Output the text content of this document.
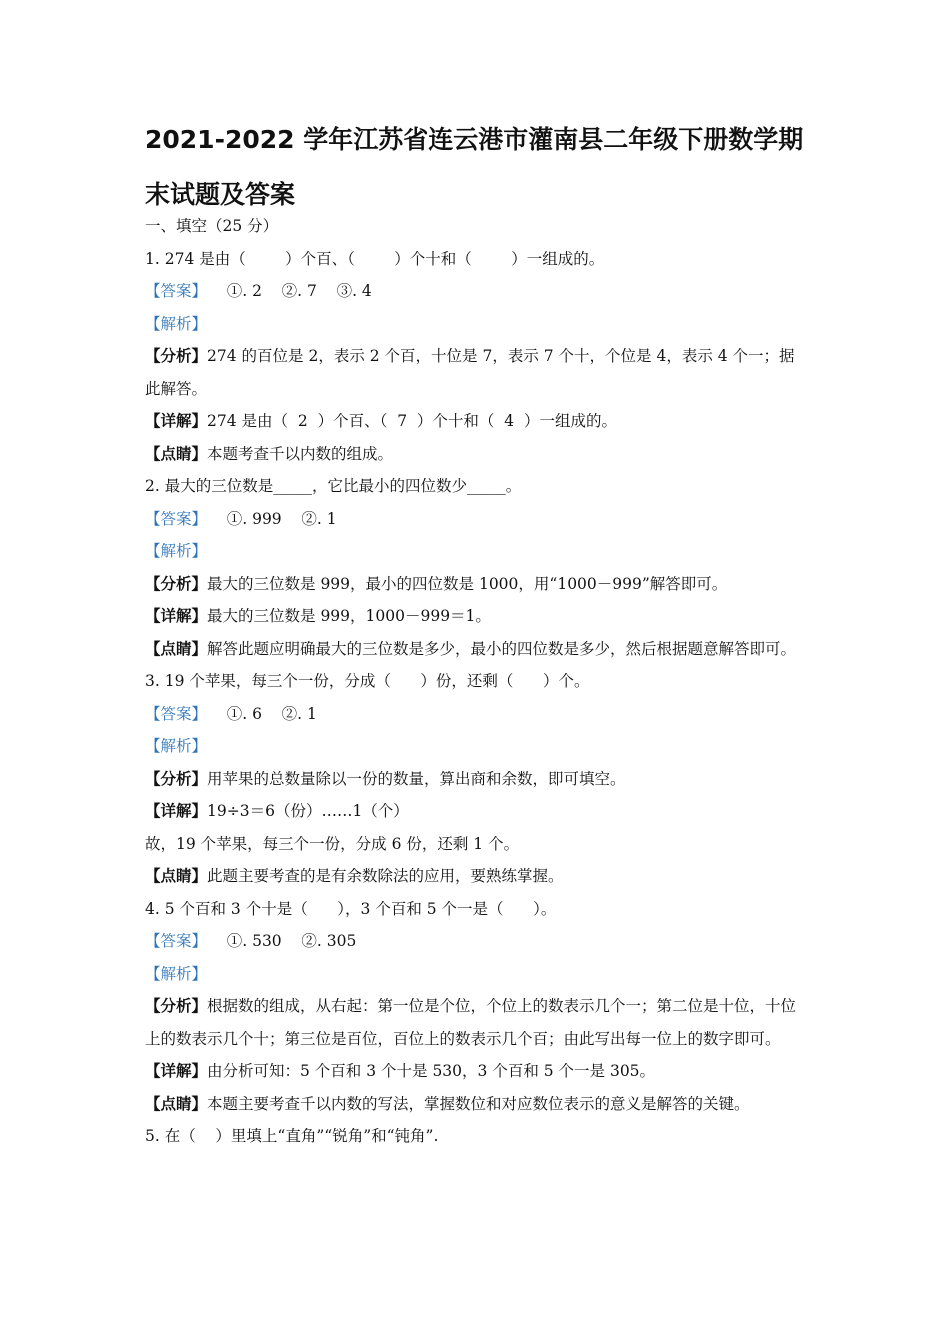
2021-2022 学年江苏省连云港市灌南县二年级下册数学期末试题及答案

一、填空（25 分）

1. 274 是由（        ）个百、（        ）个十和（        ）一组成的。

【答案】    ①. 2    ②. 7    ③. 4

【解析】

【分析】274 的百位是 2，表示 2 个百，十位是 7，表示 7 个十，个位是 4，表示 4 个一；据此解答。

【详解】274 是由（  2  ）个百、（  7  ）个十和（  4  ）一组成的。

【点睛】本题考查千以内数的组成。

2. 最大的三位数是_____，它比最小的四位数少_____。

【答案】    ①. 999    ②. 1

【解析】

【分析】最大的三位数是 999，最小的四位数是 1000，用“1000－999”解答即可。

【详解】最大的三位数是 999，1000－999＝1。

【点睛】解答此题应明确最大的三位数是多少，最小的四位数是多少，然后根据题意解答即可。

3. 19 个苹果，每三个一份，分成（      ）份，还剩（      ）个。

【答案】    ①. 6    ②. 1

【解析】

【分析】用苹果的总数量除以一份的数量，算出商和余数，即可填空。

【详解】19÷3＝6（份）……1（个）

故，19 个苹果，每三个一份，分成 6 份，还剩 1 个。

【点睛】此题主要考查的是有余数除法的应用，要熟练掌握。

4. 5 个百和 3 个十是（      ），3 个百和 5 个一是（      ）。

【答案】    ①. 530    ②. 305

【解析】

【分析】根据数的组成，从右起：第一位是个位，个位上的数表示几个一；第二位是十位，十位上的数表示几个十；第三位是百位，百位上的数表示几个百；由此写出每一位上的数字即可。

【详解】由分析可知：5 个百和 3 个十是 530，3 个百和 5 个一是 305。

【点睛】本题主要考查千以内数的写法，掌握数位和对应数位表示的意义是解答的关键。

5. 在（    ）里填上“直角”“锐角”和“钝角”.
